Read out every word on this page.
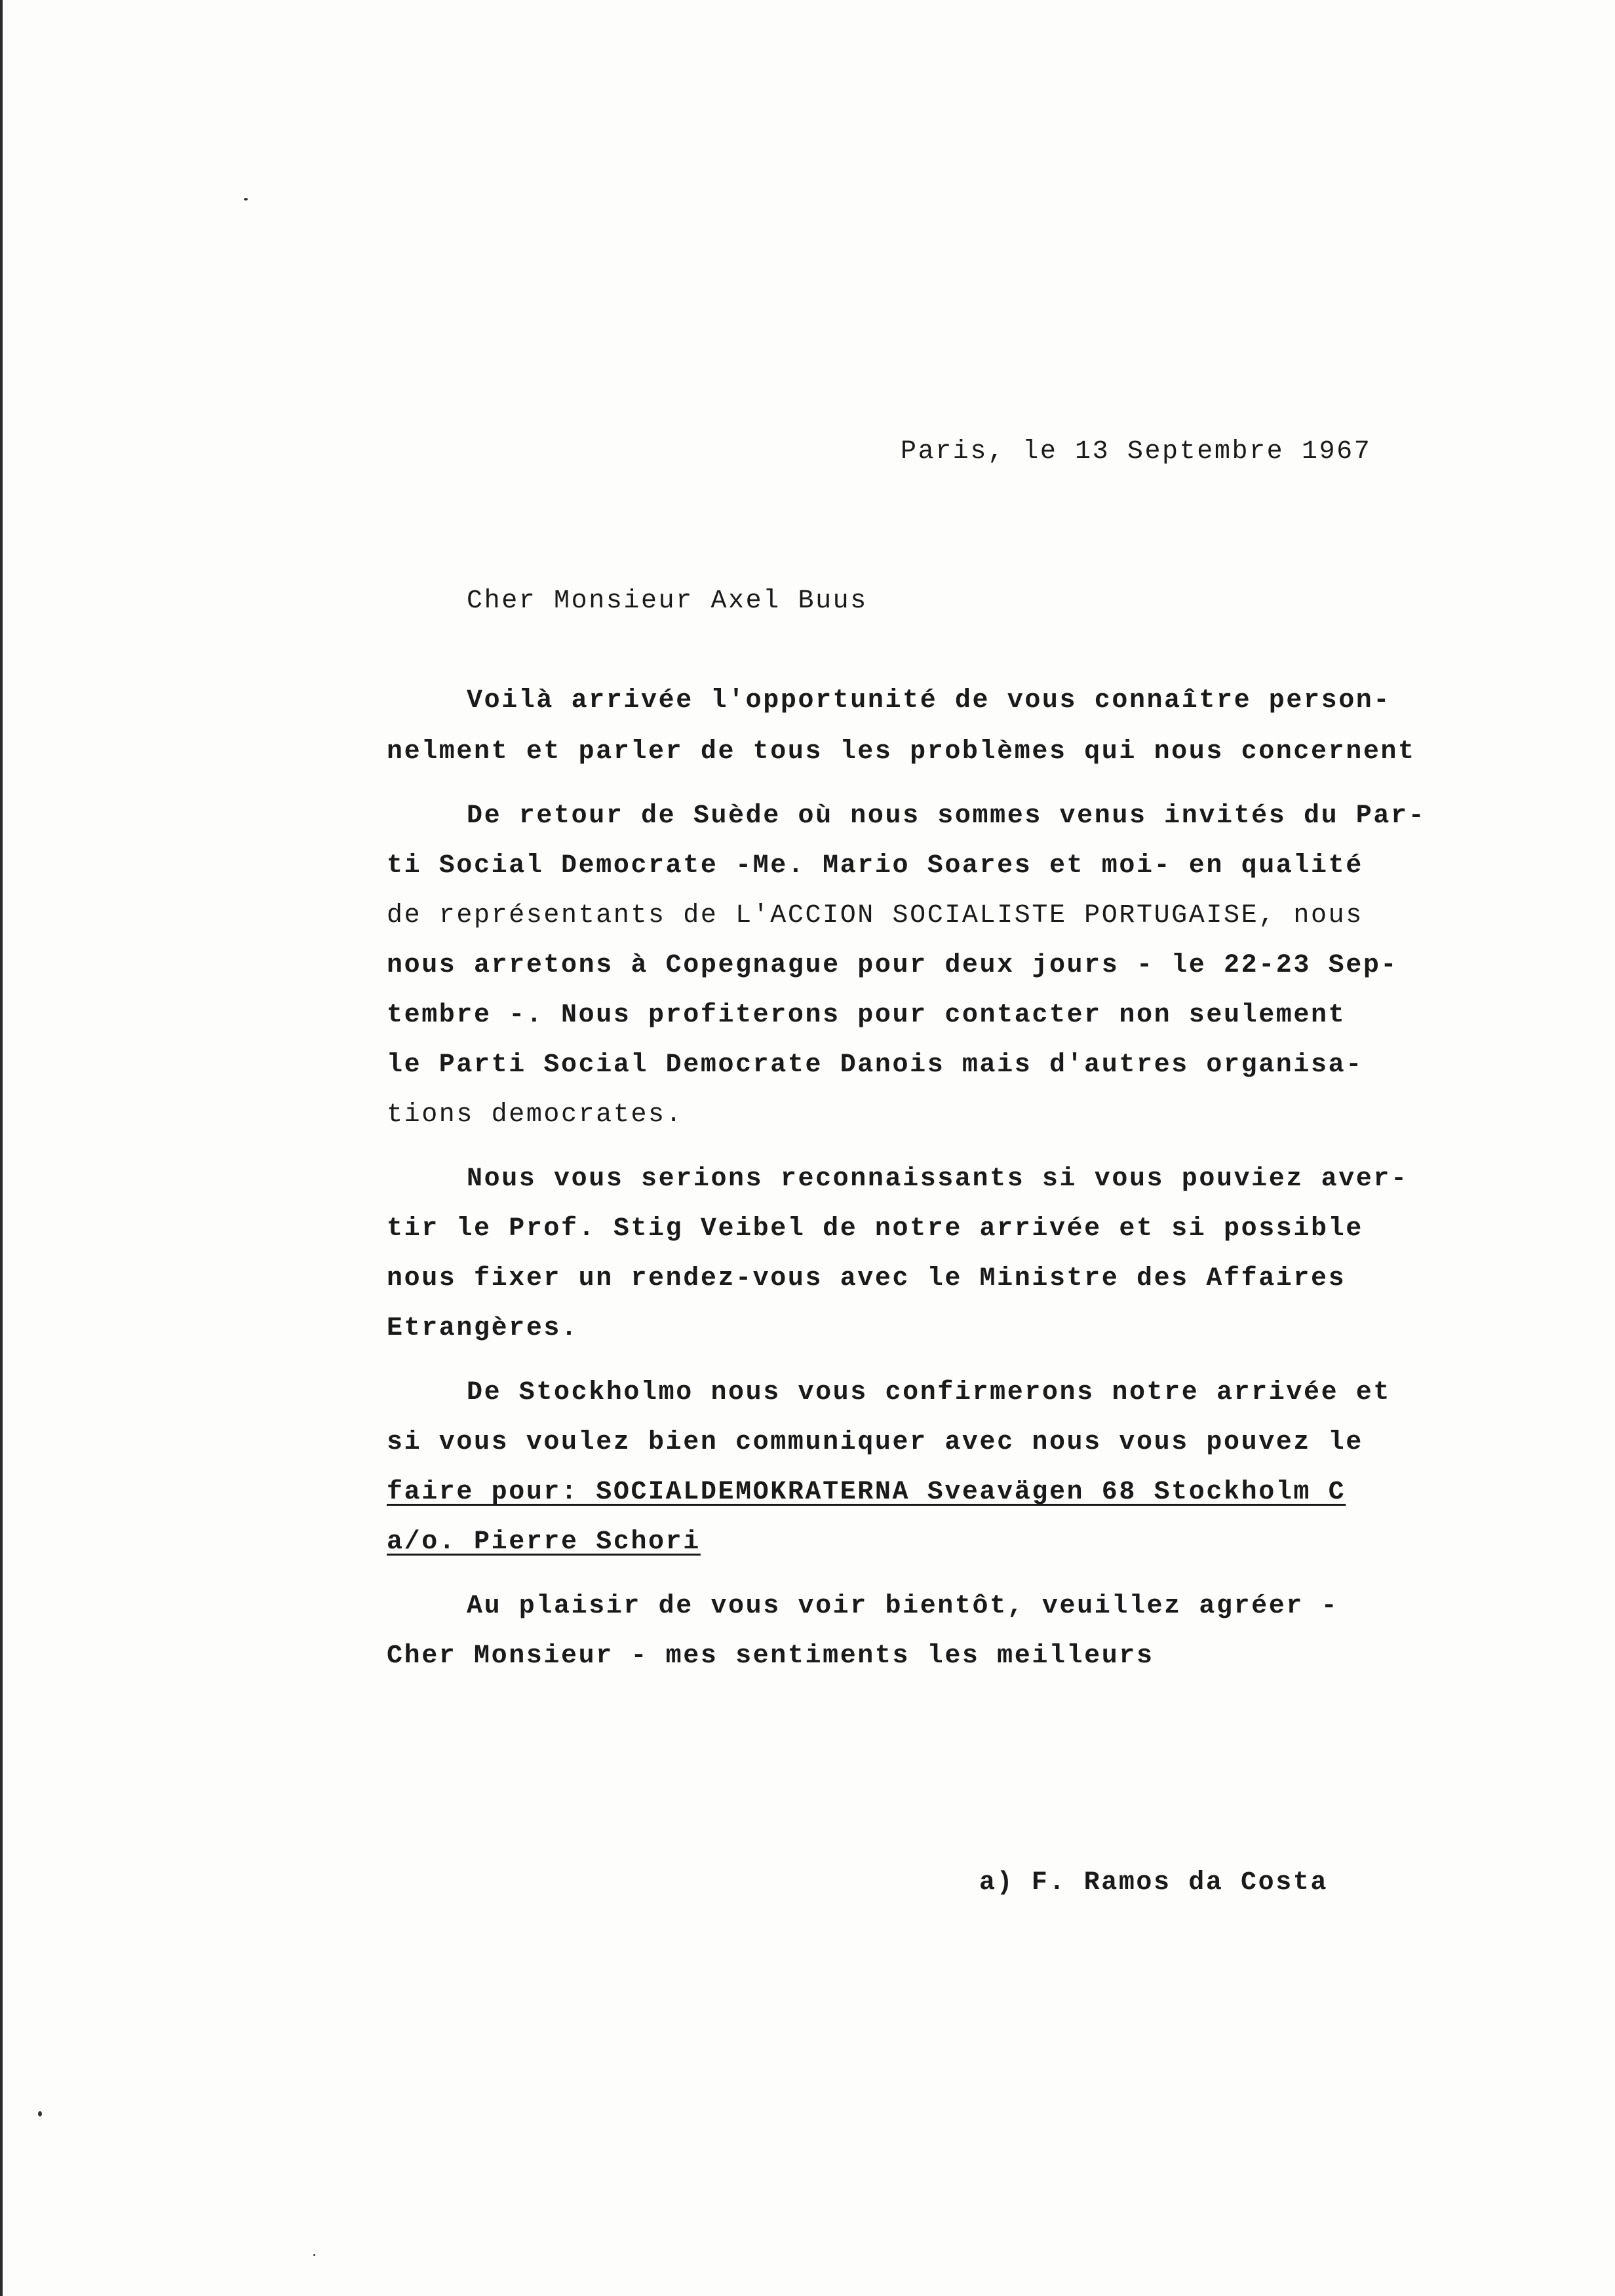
Paris, le 13 Septembre 1967
Cher Monsieur Axel Buus
Voilà arrivée l'opportunité de vous connaître person-
nelment et parler de tous les problèmes qui nous concernent
De retour de Suède où nous sommes venus invités du Par-
ti Social Democrate -Me. Mario Soares et moi- en qualité
de représentants de L'ACCION SOCIALISTE PORTUGAISE, nous
nous arretons à Copegnague pour deux jours - le 22-23 Sep-
tembre -. Nous profiterons pour contacter non seulement
le Parti Social Democrate Danois mais d'autres organisa-
tions democrates.
Nous vous serions reconnaissants si vous pouviez aver-
tir le Prof. Stig Veibel de notre arrivée et si possible
nous fixer un rendez-vous avec le Ministre des Affaires
Etrangères.
De Stockholmo nous vous confirmerons notre arrivée et
si vous voulez bien communiquer avec nous vous pouvez le
faire pour: SOCIALDEMOKRATERNA Sveavägen 68 Stockholm C
a/o. Pierre Schori
Au plaisir de vous voir bientôt, veuillez agréer -
Cher Monsieur - mes sentiments les meilleurs
a) F. Ramos da Costa
